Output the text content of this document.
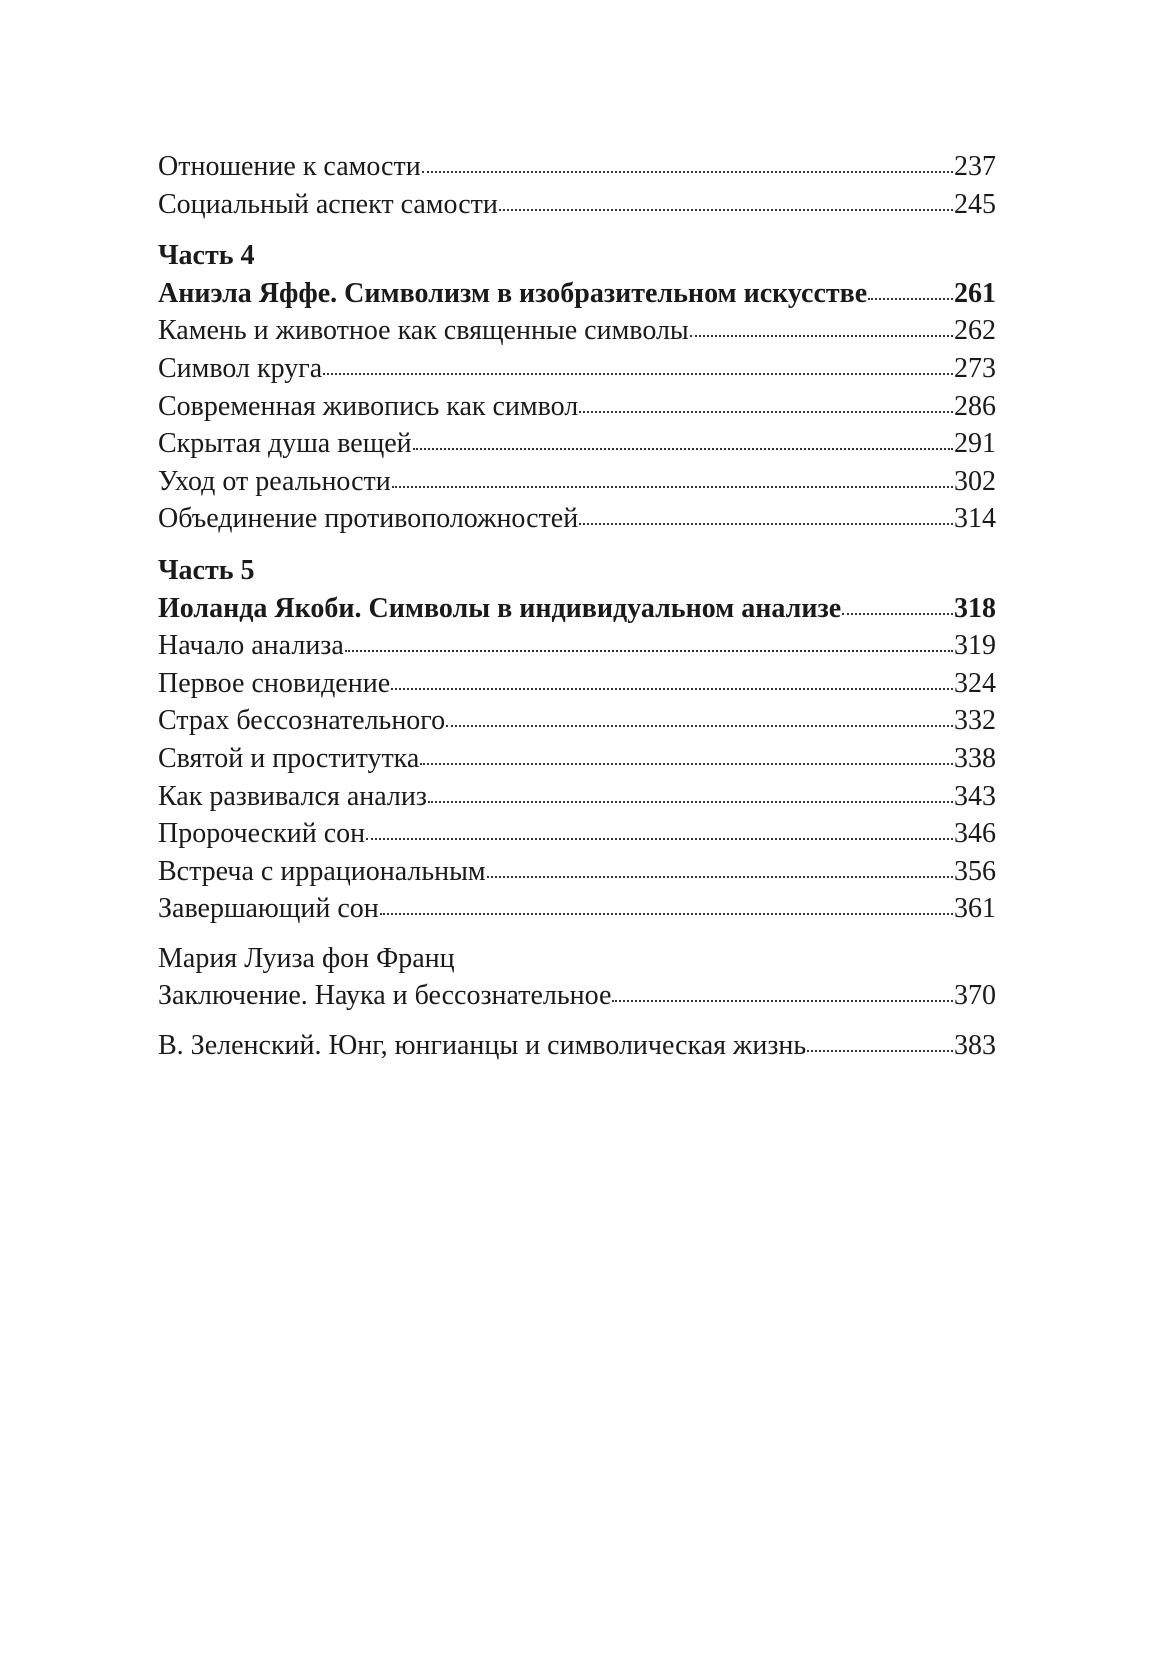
Отношение к самости	237
Социальный аспект самости	245
Часть 4
Аниэла Яффе. Символизм в изобразительном искусстве	261
Камень и животное как священные символы	262
Символ круга	273
Современная живопись как символ	286
Скрытая душа вещей	291
Уход от реальности	302
Объединение противоположностей	314
Часть 5
Иоланда Якоби. Символы в индивидуальном анализе	318
Начало анализа	319
Первое сновидение	324
Страх бессознательного	332
Святой и проститутка	338
Как развивался анализ	343
Пророческий сон	346
Встреча с иррациональным	356
Завершающий сон	361
Мария Луиза фон Франц
Заключение. Наука и бессознательное	370
В. Зеленский. Юнг, юнгианцы и символическая жизнь	383
